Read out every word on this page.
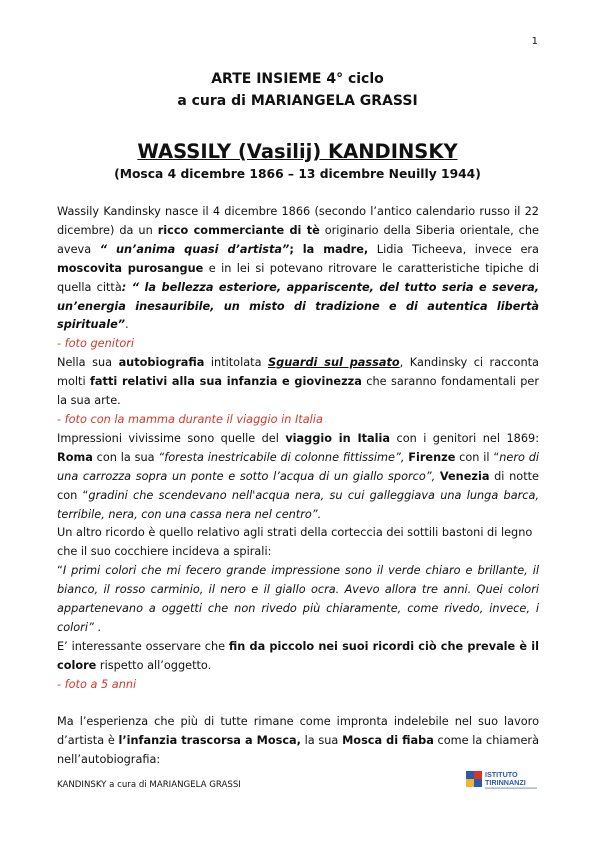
1
ARTE INSIEME 4° ciclo
a cura di MARIANGELA GRASSI
WASSILY (Vasilij) KANDINSKY
(Mosca 4 dicembre 1866 – 13 dicembre Neuilly 1944)

Wassily Kandinsky nasce il 4 dicembre 1866 (secondo l’antico calendario russo il 22 dicembre) da un ricco commerciante di tè originario della Siberia orientale, che aveva “ un’anima quasi d’artista”; la madre, Lidia Ticheeva, invece era moscovita purosangue e in lei si potevano ritrovare le caratteristiche tipiche di quella città: “ la bellezza esteriore, appariscente, del tutto seria e severa, un’energia inesauribile, un misto di tradizione e di autentica libertà spirituale”.

- foto genitori

Nella sua autobiografia intitolata Sguardi sul passato, Kandinsky ci racconta molti fatti relativi alla sua infanzia e giovinezza che saranno fondamentali per la sua arte.

- foto con la mamma durante il viaggio in Italia

Impressioni vivissime sono quelle del viaggio in Italia con i genitori nel 1869: Roma con la sua “foresta inestricabile di colonne fittissime”, Firenze con il “nero di una carrozza sopra un ponte e sotto l’acqua di un giallo sporco”, Venezia di notte con “gradini che scendevano nell'acqua nera, su cui galleggiava una lunga barca, terribile, nera, con una cassa nera nel centro”.

Un altro ricordo è quello relativo agli strati della corteccia dei sottili bastoni di legno che il suo cocchiere incideva a spirali:

“I primi colori che mi fecero grande impressione sono il verde chiaro e brillante, il bianco, il rosso carminio, il nero e il giallo ocra. Avevo allora tre anni. Quei colori appartenevano a oggetti che non rivedo più chiaramente, come rivedo, invece, i colori” .

E’ interessante osservare che fin da piccolo nei suoi ricordi ciò che prevale è il colore rispetto all’oggetto.

- foto a 5 anni

Ma l’esperienza che più di tutte rimane come impronta indelebile nel suo lavoro d’artista è l’infanzia trascorsa a Mosca, la sua Mosca di fiaba come la chiamerà nell’autobiografia:

KANDINSKY a cura di MARIANGELA GRASSI
ISTITUTO
TIRINNANZI
